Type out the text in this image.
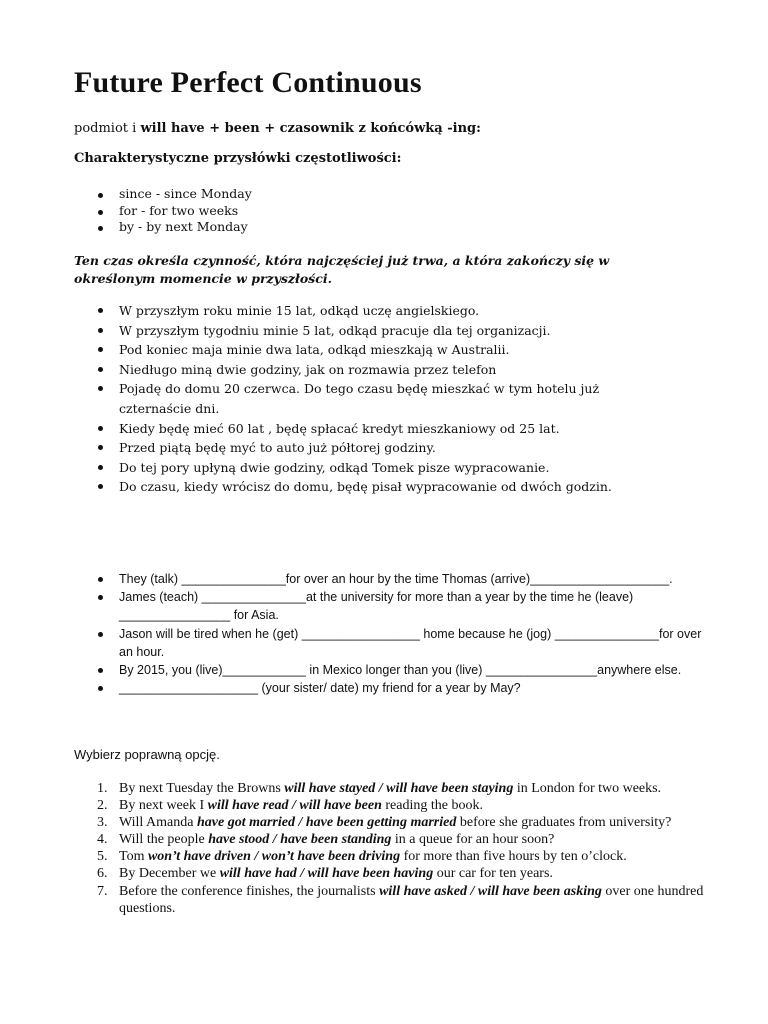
Future Perfect Continuous
podmiot i will have + been + czasownik z końcówką -ing:
Charakterystyczne przysłówki częstotliwości:
since - since Monday
for - for two weeks
by - by next Monday
Ten czas określa czynność, która najczęściej już trwa, a która zakończy się w określonym momencie w przyszłości.
W przyszłym roku minie 15 lat, odkąd uczę angielskiego.
W przyszłym tygodniu minie 5 lat, odkąd pracuje dla tej organizacji.
Pod koniec maja minie dwa lata, odkąd mieszkają w Australii.
Niedługo miną dwie godziny, jak on rozmawia przez telefon
Pojadę do domu 20 czerwca. Do tego czasu będę mieszkać w tym hotelu już czternaście dni.
Kiedy będę mieć 60 lat , będę spłacać kredyt mieszkaniowy od 25 lat.
Przed piątą będę myć to auto już półtorej godziny.
Do tej pory upłyną dwie godziny, odkąd Tomek pisze wypracowanie.
Do czasu, kiedy wrócisz do domu, będę pisał wypracowanie od dwóch godzin.
They (talk) _______________for over an hour by the time Thomas (arrive)____________________.
James (teach) _______________at the university for more than a year by the time he (leave) ________________ for Asia.
Jason will be tired when he (get) _________________ home because he (jog) _______________for over an hour.
By 2015, you (live)____________ in Mexico longer than you (live) ________________anywhere else.
____________________ (your sister/ date) my friend for a year by May?
Wybierz poprawną opcję.
1. By next Tuesday the Browns will have stayed / will have been staying in London for two weeks.
2. By next week I will have read / will have been reading the book.
3. Will Amanda have got married / have been getting married before she graduates from university?
4. Will the people have stood / have been standing in a queue for an hour soon?
5. Tom won’t have driven / won’t have been driving for more than five hours by ten o’clock.
6. By December we will have had / will have been having our car for ten years.
7. Before the conference finishes, the journalists will have asked / will have been asking over one hundred questions.
